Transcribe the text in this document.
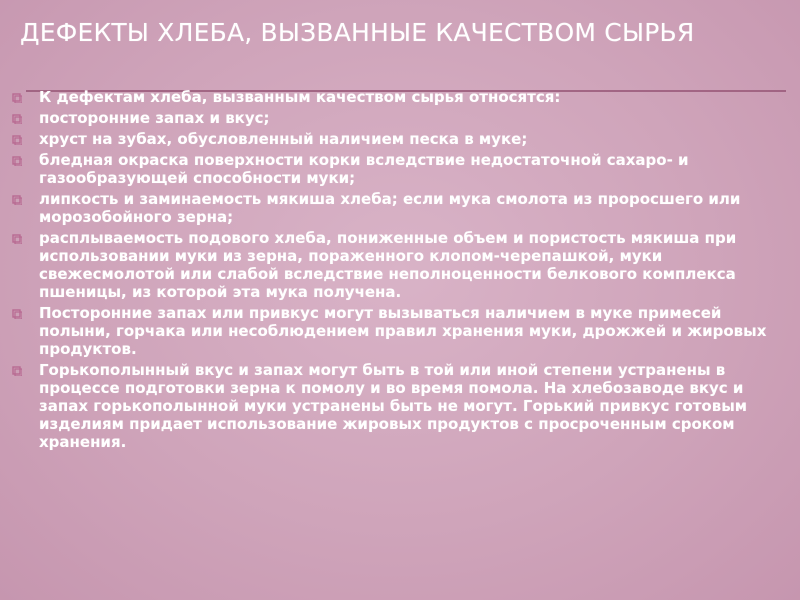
ДЕФЕКТЫ ХЛЕБА, ВЫЗВАННЫЕ КАЧЕСТВОМ СЫРЬЯ
К дефектам хлеба, вызванным качеством сырья относятся:
посторонние запах и вкус;
хруст на зубах, обусловленный наличием песка в муке;
бледная окраска поверхности корки вследствие недостаточной сахаро- и газообразующей способности муки;
липкость и заминаемость мякиша хлеба; если мука смолота из проросшего или морозобойного зерна;
расплываемость подового хлеба, пониженные объем и пористость мякиша при использовании муки из зерна, пораженного клопом-черепашкой, муки свежесмолотой или слабой вследствие неполноценности белкового комплекса пшеницы, из которой эта мука получена.
Посторонние запах или привкус могут вызываться наличием в муке примесей полыни, горчака или несоблюдением правил хранения муки, дрожжей и жировых продуктов.
Горькополынный вкус и запах могут быть в той или иной степени устранены в процессе подготовки зерна к помолу и во время помола. На хлебозаводе вкус и запах горькополынной муки устранены быть не могут. Горький привкус готовым изделиям придает использование жировых продуктов с просроченным сроком хранения.
